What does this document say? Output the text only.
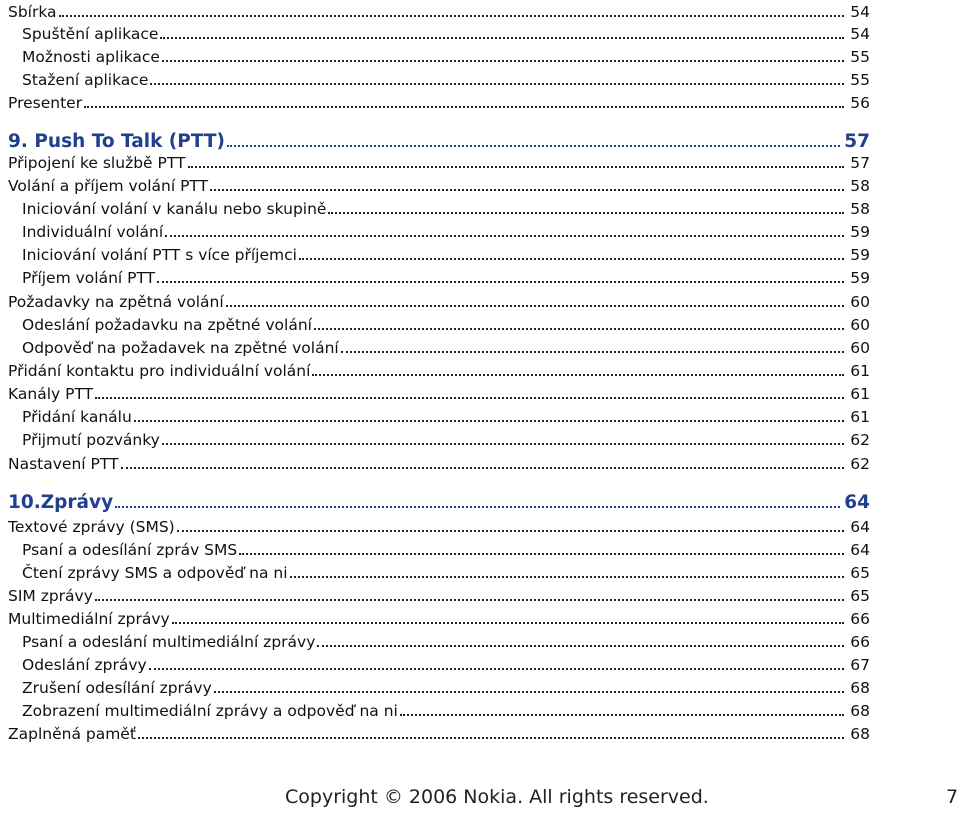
Sbírka	54
Spuštění aplikace	54
Možnosti aplikace	55
Stažení aplikace	55
Presenter	56
9. Push To Talk (PTT)	57
Připojení ke službě PTT	57
Volání a příjem volání PTT	58
Iniciování volání v kanálu nebo skupině	58
Individuální volání	59
Iniciování volání PTT s více příjemci	59
Příjem volání PTT	59
Požadavky na zpětná volání	60
Odeslání požadavku na zpětné volání	60
Odpověď na požadavek na zpětné volání	60
Přidání kontaktu pro individuální volání	61
Kanály PTT	61
Přidání kanálu	61
Přijmutí pozvánky	62
Nastavení PTT	62
10.Zprávy	64
Textové zprávy (SMS)	64
Psaní a odesílání zpráv SMS	64
Čtení zprávy SMS a odpověď na ni	65
SIM zprávy	65
Multimediální zprávy	66
Psaní a odeslání multimediální zprávy	66
Odeslání zprávy	67
Zrušení odesílání zprávy	68
Zobrazení multimediální zprávy a odpověď na ni	68
Zaplněná paměť	68
Copyright © 2006 Nokia. All rights reserved.	7
